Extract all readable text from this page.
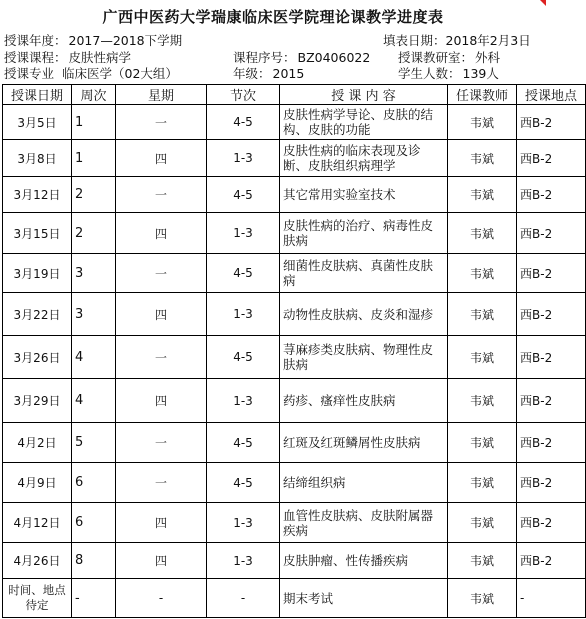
广西中医药大学瑞康临床医学院理论课教学进度表
授课年度： 2017—2018下学期	填表日期：2018年2月3日
授课课程： 皮肤性病学	课程序号： BZ0406022 授课教研室： 外科
授课专业 临床医学（02大组）	年级： 2015	学生人数： 139人
授课日期	周次	星期	节次	授 课 内 容	任课教师	授课地点
3月5日	1	一	4-5	皮肤性病学导论、皮肤的结构、皮肤的功能	韦斌	西B-2
3月8日	1	四	1-3	皮肤性病的临床表现及诊断、皮肤组织病理学	韦斌	西B-2
3月12日	2	一	4-5	其它常用实验室技术	韦斌	西B-2
3月15日	2	四	1-3	皮肤性病的治疗、病毒性皮肤病	韦斌	西B-2
3月19日	3	一	4-5	细菌性皮肤病、真菌性皮肤病	韦斌	西B-2
3月22日	3	四	1-3	动物性皮肤病、皮炎和湿疹	韦斌	西B-2
3月26日	4	一	4-5	荨麻疹类皮肤病、物理性皮肤病	韦斌	西B-2
3月29日	4	四	1-3	药疹、瘙痒性皮肤病	韦斌	西B-2
4月2日	5	一	4-5	红斑及红斑鳞屑性皮肤病	韦斌	西B-2
4月9日	6	一	4-5	结缔组织病	韦斌	西B-2
4月12日	6	四	1-3	血管性皮肤病、皮肤附属器疾病	韦斌	西B-2
4月26日	8	四	1-3	皮肤肿瘤、性传播疾病	韦斌	西B-2
时间、地点待定	-	-	-	期末考试	韦斌	-
